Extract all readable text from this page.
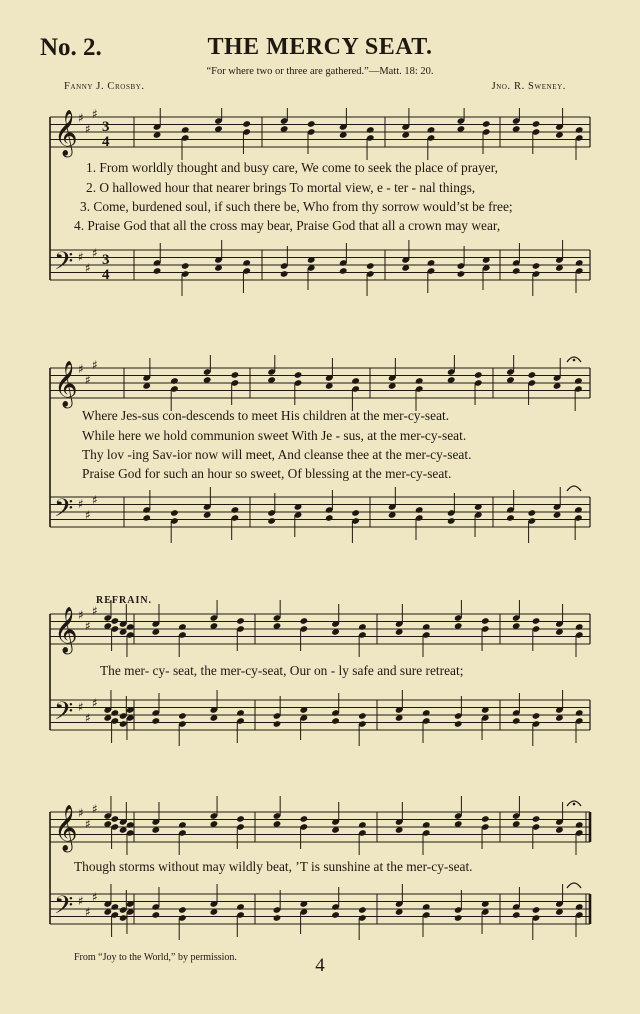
No. 2.	THE MERCY SEAT.
“For where two or three are gathered.”—Matt. 18: 20.
Fanny J. Crosby.	Jno. R. Sweney.
1. From worldly thought and busy care, We come to seek the place of prayer,
2. O hallowed hour that nearer brings To mortal view, e - ter - nal things,
3. Come, burdened soul, if such there be, Who from thy sorrow would’st be free;
4. Praise God that all the cross may bear, Praise God that all a crown may wear,
Where Jes-sus con-descends to meet His children at the mer-cy-seat.
While here we hold communion sweet With Je - sus, at the mer-cy-seat.
Thy lov -ing Sav-ior now will meet, And cleanse thee at the mer-cy-seat.
Praise God for such an hour so sweet, Of blessing at the mer-cy-seat.
REFRAIN.
The mer- cy- seat, the mer-cy-seat, Our on - ly safe and sure retreat;
Though storms without may wildly beat, ’T is sunshine at the mer-cy-seat.
From “Joy to the World,” by permission.	4
𝄞 ♯
♯
♯
3
4
𝄢 ♯
♯
♯ 3
4
𝄞 ♯
♯
♯
𝄢 ♯
♯
♯
𝄞 ♯
♯
♯
𝄢 ♯
♯
♯
𝄞 ♯
♯
♯
𝄢 ♯
♯
♯
